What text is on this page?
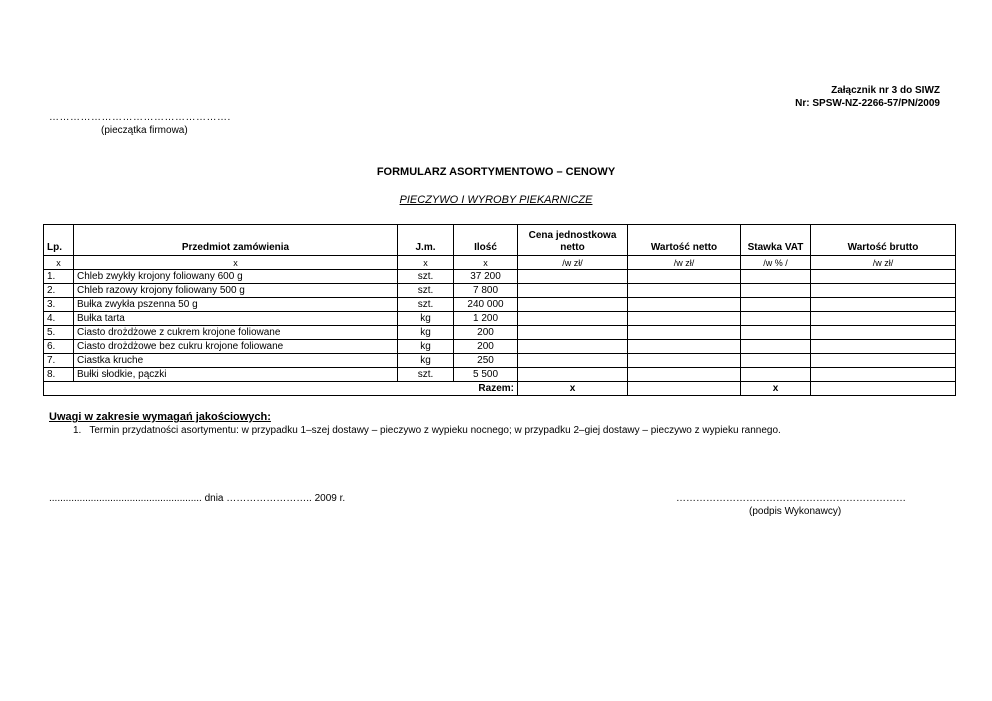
Załącznik nr 3 do SIWZ
Nr: SPSW-NZ-2266-57/PN/2009
…………………………………………….
(pieczątka firmowa)
FORMULARZ ASORTYMENTOWO – CENOWY
PIECZYWO I WYROBY PIEKARNICZE
Lp.	Przedmiot zamówienia	J.m.	Ilość	Cena jednostkowa netto	Wartość netto	Stawka VAT	Wartość brutto
x	x	x	x	/w zł/	/w zł/	/w % /	/w zł/
1.	Chleb zwykły krojony foliowany 600 g	szt.	37 200				
2.	Chleb razowy krojony foliowany 500 g	szt.	7 800				
3.	Bułka zwykła pszenna 50 g	szt.	240 000				
4.	Bułka tarta	kg	1 200				
5.	Ciasto drożdżowe z cukrem krojone foliowane	kg	200				
6.	Ciasto drożdżowe bez cukru krojone foliowane	kg	200				
7.	Ciastka kruche	kg	250				
8.	Bułki słodkie, pączki	szt.	5 500				
Razem:				x		x	
Uwagi w zakresie wymagań jakościowych:
1. Termin przydatności asortymentu: w przypadku 1–szej dostawy – pieczywo z wypieku nocnego; w przypadku 2–giej dostawy – pieczywo z wypieku rannego.
....................................................... dnia …………………….. 2009 r.	……………………………………………………………
(podpis Wykonawcy)
